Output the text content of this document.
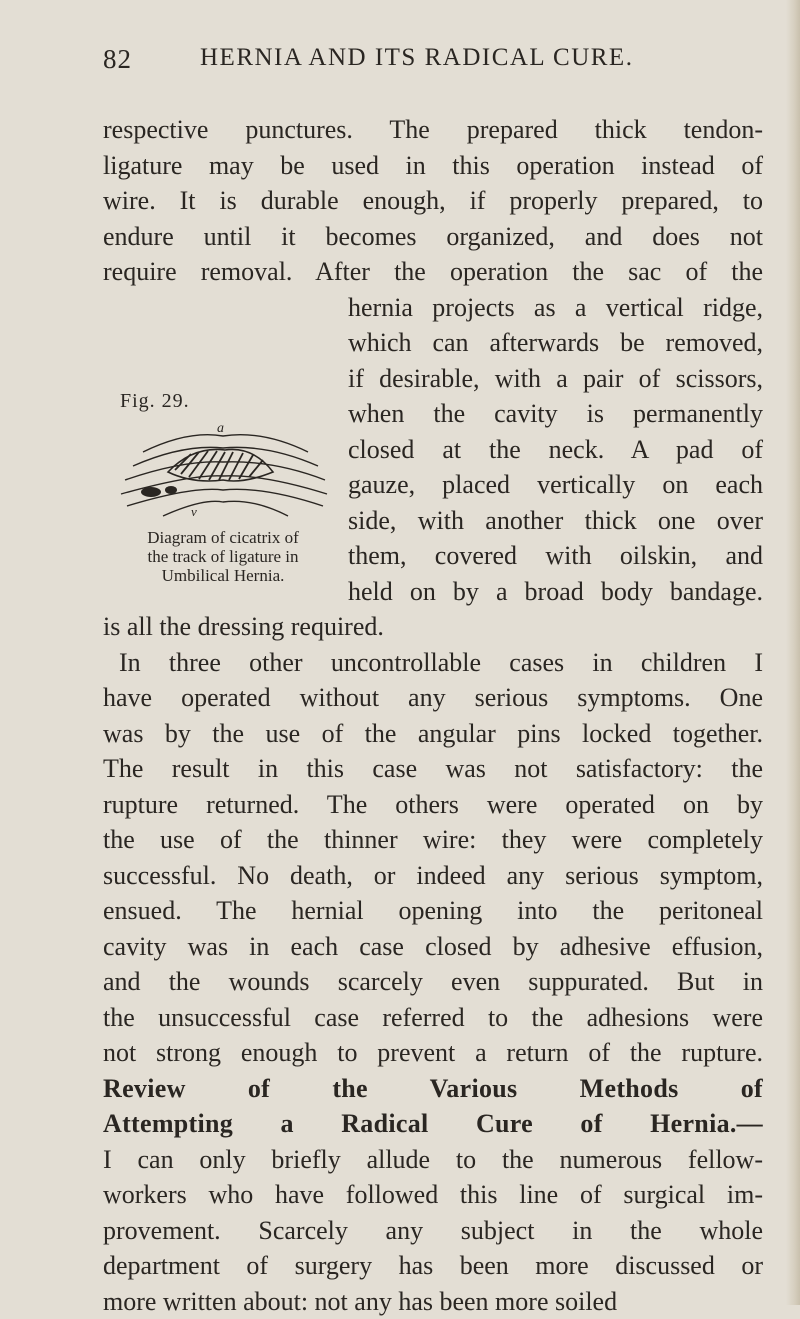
82	HERNIA AND ITS RADICAL CURE.
Fig. 29.
a
v
Diagram of cicatrix of
the track of ligature in
Umbilical Hernia.
respective punctures. The prepared thick tendon-
ligature may be used in this operation instead of
wire. It is durable enough, if properly prepared, to
endure until it becomes organized, and does not
require removal. After the operation the sac of the
hernia projects as a vertical ridge,
which can afterwards be removed,
if desirable, with a pair of scissors,
when the cavity is permanently
closed at the neck. A pad of
gauze, placed vertically on each
side, with another thick one over
them, covered with oilskin, and
held on by a broad body bandage.
is all the dressing required.
In three other uncontrollable cases in children I
have operated without any serious symptoms. One
was by the use of the angular pins locked together.
The result in this case was not satisfactory: the
rupture returned. The others were operated on by
the use of the thinner wire: they were completely
successful. No death, or indeed any serious symptom,
ensued. The hernial opening into the peritoneal
cavity was in each case closed by adhesive effusion,
and the wounds scarcely even suppurated. But in
the unsuccessful case referred to the adhesions were
not strong enough to prevent a return of the rupture.
Review of the Various Methods of
Attempting a Radical Cure of Hernia.—
I can only briefly allude to the numerous fellow-
workers who have followed this line of surgical im-
provement. Scarcely any subject in the whole
department of surgery has been more discussed or
more written about: not any has been more soiled
